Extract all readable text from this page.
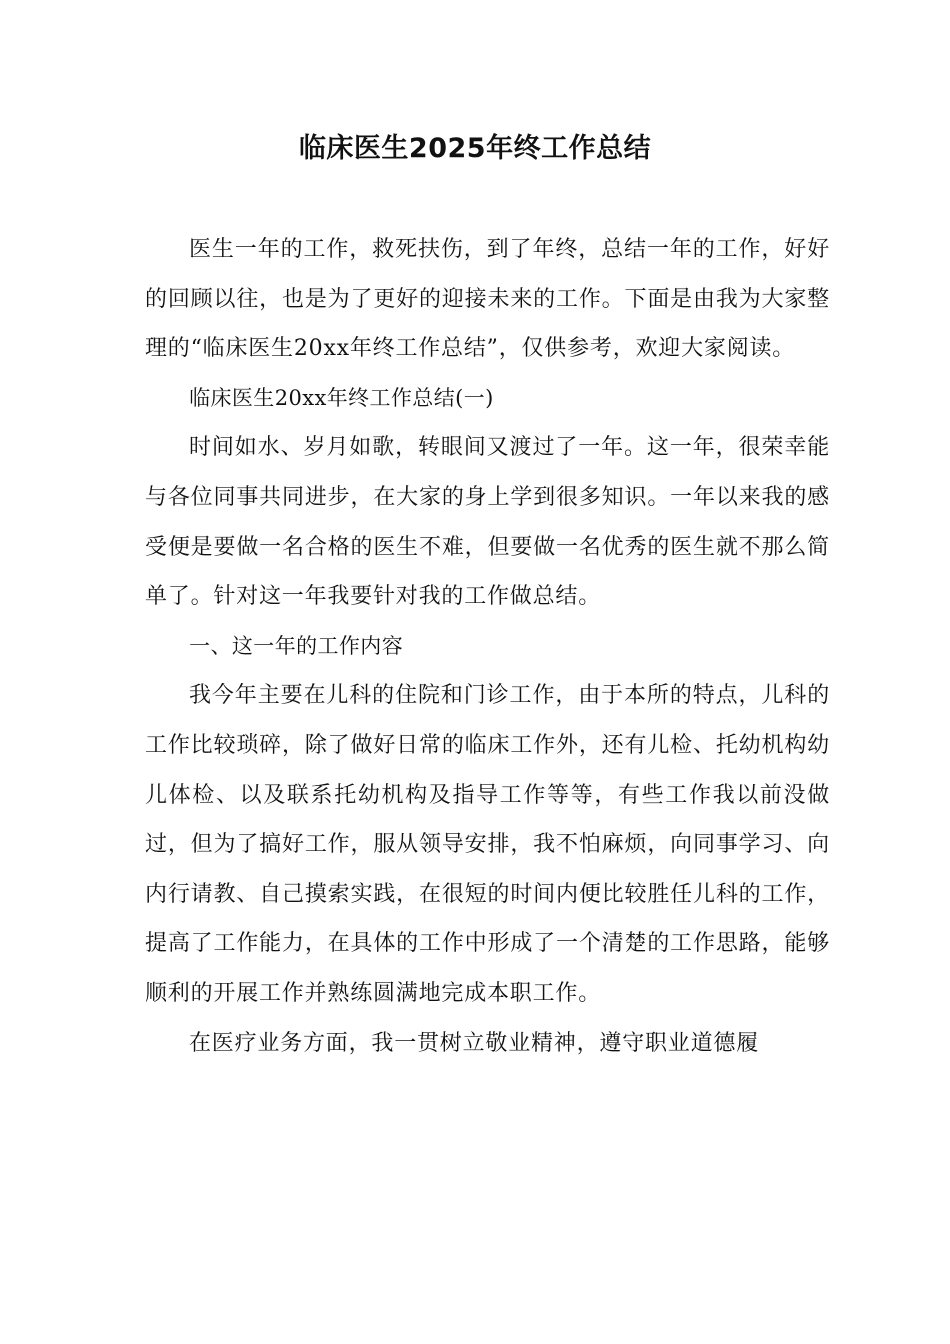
临床医生2025年终工作总结

医生一年的工作，救死扶伤，到了年终，总结一年的工作，好好的回顾以往，也是为了更好的迎接未来的工作。下面是由我为大家整理的“临床医生20xx年终工作总结”，仅供参考，欢迎大家阅读。

临床医生20xx年终工作总结(一)

时间如水、岁月如歌，转眼间又渡过了一年。这一年，很荣幸能与各位同事共同进步，在大家的身上学到很多知识。一年以来我的感受便是要做一名合格的医生不难，但要做一名优秀的医生就不那么简单了。针对这一年我要针对我的工作做总结。

一、这一年的工作内容

我今年主要在儿科的住院和门诊工作，由于本所的特点，儿科的工作比较琐碎，除了做好日常的临床工作外，还有儿检、托幼机构幼儿体检、以及联系托幼机构及指导工作等等，有些工作我以前没做过，但为了搞好工作，服从领导安排，我不怕麻烦，向同事学习、向内行请教、自己摸索实践，在很短的时间内便比较胜任儿科的工作，提高了工作能力，在具体的工作中形成了一个清楚的工作思路，能够顺利的开展工作并熟练圆满地完成本职工作。

在医疗业务方面，我一贯树立敬业精神，遵守职业道德履
